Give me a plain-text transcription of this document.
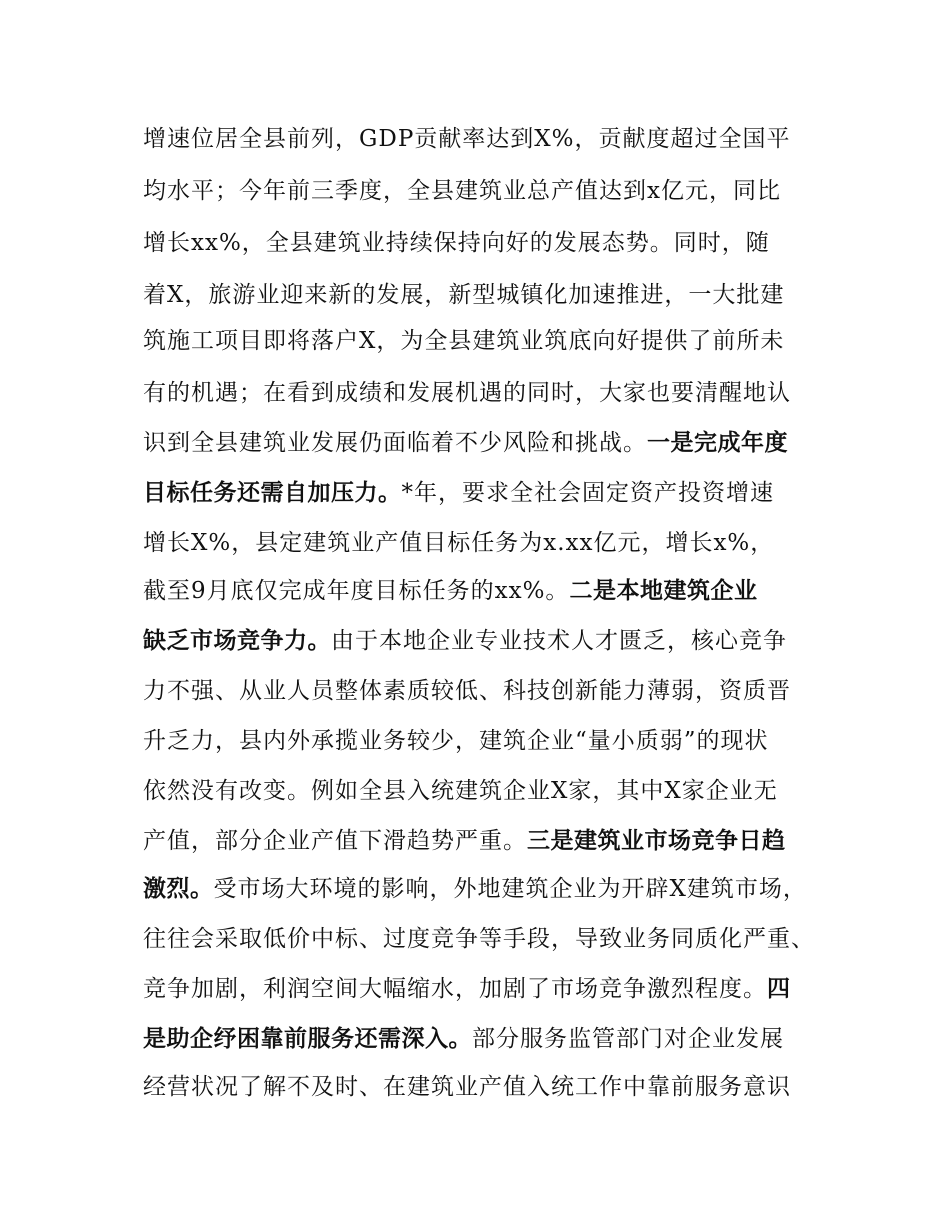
增速位居全县前列，GDP贡献率达到X%，贡献度超过全国平
均水平；今年前三季度，全县建筑业总产值达到x亿元，同比
增长xx%，全县建筑业持续保持向好的发展态势。同时，随
着X，旅游业迎来新的发展，新型城镇化加速推进，一大批建
筑施工项目即将落户X，为全县建筑业筑底向好提供了前所未
有的机遇；在看到成绩和发展机遇的同时，大家也要清醒地认
识到全县建筑业发展仍面临着不少风险和挑战。一是完成年度
目标任务还需自加压力。*年，要求全社会固定资产投资增速
增长X%，县定建筑业产值目标任务为x.xx亿元，增长x%，
截至9月底仅完成年度目标任务的xx%。二是本地建筑企业
缺乏市场竞争力。由于本地企业专业技术人才匮乏，核心竞争
力不强、从业人员整体素质较低、科技创新能力薄弱，资质晋
升乏力，县内外承揽业务较少，建筑企业“量小质弱”的现状
依然没有改变。例如全县入统建筑企业X家，其中X家企业无
产值，部分企业产值下滑趋势严重。三是建筑业市场竞争日趋
激烈。受市场大环境的影响，外地建筑企业为开辟X建筑市场，
往往会采取低价中标、过度竞争等手段，导致业务同质化严重、
竞争加剧，利润空间大幅缩水，加剧了市场竞争激烈程度。四
是助企纾困靠前服务还需深入。部分服务监管部门对企业发展
经营状况了解不及时、在建筑业产值入统工作中靠前服务意识
